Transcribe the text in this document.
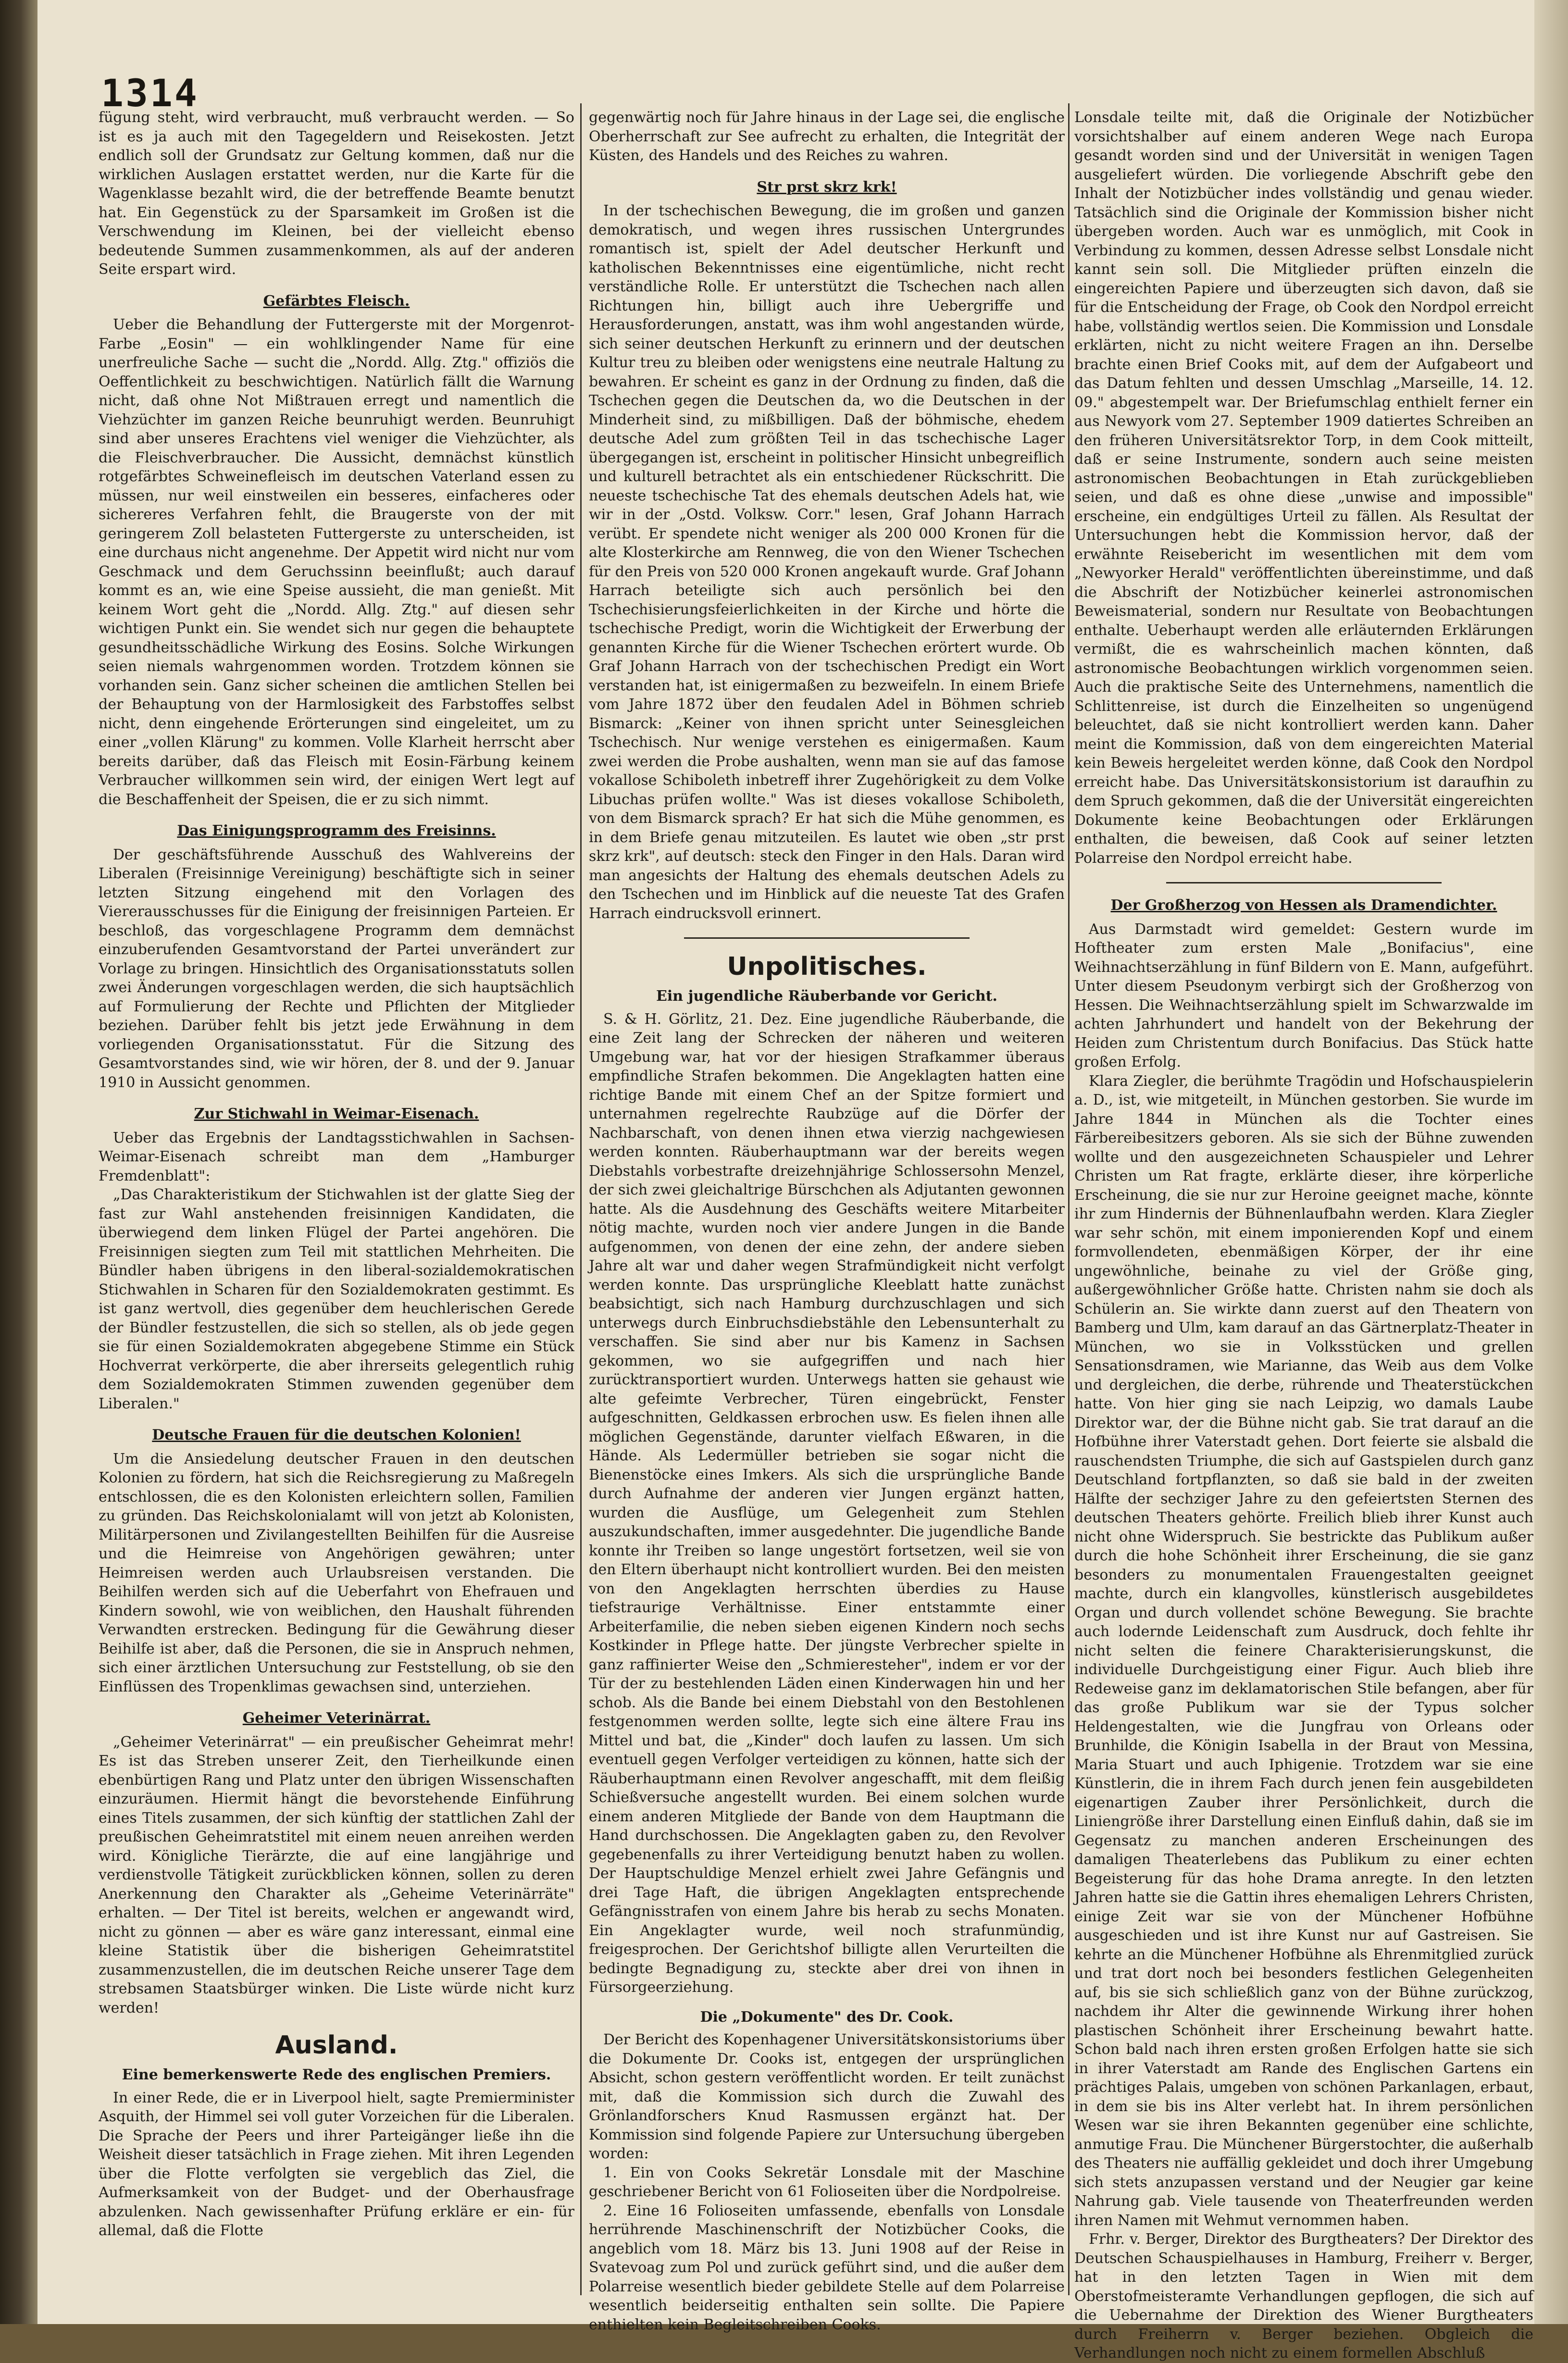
1314

fügung steht, wird verbraucht, muß verbraucht werden. — So ist es ja auch mit den Tagegeldern und Reisekosten. Jetzt endlich soll der Grundsatz zur Geltung kommen, daß nur die wirklichen Auslagen erstattet werden, nur die Karte für die Wagenklasse bezahlt wird, die der betreffende Beamte benutzt hat. Ein Gegenstück zu der Sparsamkeit im Großen ist die Verschwendung im Kleinen, bei der vielleicht ebenso bedeutende Summen zusammenkommen, als auf der anderen Seite erspart wird.

Gefärbtes Fleisch.

Ueber die Behandlung der Futtergerste mit der Morgenrot-Farbe „Eosin" — ein wohlklingender Name für eine unerfreuliche Sache — sucht die „Nordd. Allg. Ztg." offiziös die Oeffentlichkeit zu beschwichtigen. Natürlich fällt die Warnung nicht, daß ohne Not Mißtrauen erregt und namentlich die Viehzüchter im ganzen Reiche beunruhigt werden. Beunruhigt sind aber unseres Erachtens viel weniger die Viehzüchter, als die Fleischverbraucher. Die Aussicht, demnächst künstlich rotgefärbtes Schweinefleisch im deutschen Vaterland essen zu müssen, nur weil einstweilen ein besseres, einfacheres oder sichereres Verfahren fehlt, die Braugerste von der mit geringerem Zoll belasteten Futtergerste zu unterscheiden, ist eine durchaus nicht angenehme. Der Appetit wird nicht nur vom Geschmack und dem Geruchssinn beeinflußt; auch darauf kommt es an, wie eine Speise aussieht, die man genießt. Mit keinem Wort geht die „Nordd. Allg. Ztg." auf diesen sehr wichtigen Punkt ein. Sie wendet sich nur gegen die behauptete gesundheitsschädliche Wirkung des Eosins. Solche Wirkungen seien niemals wahrgenommen worden. Trotzdem können sie vorhanden sein. Ganz sicher scheinen die amtlichen Stellen bei der Behauptung von der Harmlosigkeit des Farbstoffes selbst nicht, denn eingehende Erörterungen sind eingeleitet, um zu einer „vollen Klärung" zu kommen. Volle Klarheit herrscht aber bereits darüber, daß das Fleisch mit Eosin-Färbung keinem Verbraucher willkommen sein wird, der einigen Wert legt auf die Beschaffenheit der Speisen, die er zu sich nimmt.

Das Einigungsprogramm des Freisinns.

Der geschäftsführende Ausschuß des Wahlvereins der Liberalen (Freisinnige Vereinigung) beschäftigte sich in seiner letzten Sitzung eingehend mit den Vorlagen des Viererausschusses für die Einigung der freisinnigen Parteien. Er beschloß, das vorgeschlagene Programm dem demnächst einzuberufenden Gesamtvorstand der Partei unverändert zur Vorlage zu bringen. Hinsichtlich des Organisationsstatuts sollen zwei Änderungen vorgeschlagen werden, die sich hauptsächlich auf Formulierung der Rechte und Pflichten der Mitglieder beziehen. Darüber fehlt bis jetzt jede Erwähnung in dem vorliegenden Organisationsstatut. Für die Sitzung des Gesamtvorstandes sind, wie wir hören, der 8. und der 9. Januar 1910 in Aussicht genommen.

Zur Stichwahl in Weimar-Eisenach.

Ueber das Ergebnis der Landtagsstichwahlen in Sachsen-Weimar-Eisenach schreibt man dem „Hamburger Fremdenblatt":

„Das Charakteristikum der Stichwahlen ist der glatte Sieg der fast zur Wahl anstehenden freisinnigen Kandidaten, die überwiegend dem linken Flügel der Partei angehören. Die Freisinnigen siegten zum Teil mit stattlichen Mehrheiten. Die Bündler haben übrigens in den liberal-sozialdemokratischen Stichwahlen in Scharen für den Sozialdemokraten gestimmt. Es ist ganz wertvoll, dies gegenüber dem heuchlerischen Gerede der Bündler festzustellen, die sich so stellen, als ob jede gegen sie für einen Sozialdemokraten abgegebene Stimme ein Stück Hochverrat verkörperte, die aber ihrerseits gelegentlich ruhig dem Sozialdemokraten Stimmen zuwenden gegenüber dem Liberalen."

Deutsche Frauen für die deutschen Kolonien!

Um die Ansiedelung deutscher Frauen in den deutschen Kolonien zu fördern, hat sich die Reichsregierung zu Maßregeln entschlossen, die es den Kolonisten erleichtern sollen, Familien zu gründen. Das Reichskolonialamt will von jetzt ab Kolonisten, Militärpersonen und Zivilangestellten Beihilfen für die Ausreise und die Heimreise von Angehörigen gewähren; unter Heimreisen werden auch Urlaubsreisen verstanden. Die Beihilfen werden sich auf die Ueberfahrt von Ehefrauen und Kindern sowohl, wie von weiblichen, den Haushalt führenden Verwandten erstrecken. Bedingung für die Gewährung dieser Beihilfe ist aber, daß die Personen, die sie in Anspruch nehmen, sich einer ärztlichen Untersuchung zur Feststellung, ob sie den Einflüssen des Tropenklimas gewachsen sind, unterziehen.

Geheimer Veterinärrat.

„Geheimer Veterinärrat" — ein preußischer Geheimrat mehr! Es ist das Streben unserer Zeit, den Tierheilkunde einen ebenbürtigen Rang und Platz unter den übrigen Wissenschaften einzuräumen. Hiermit hängt die bevorstehende Einführung eines Titels zusammen, der sich künftig der stattlichen Zahl der preußischen Geheimratstitel mit einem neuen anreihen werden wird. Königliche Tierärzte, die auf eine langjährige und verdienstvolle Tätigkeit zurückblicken können, sollen zu deren Anerkennung den Charakter als „Geheime Veterinärräte" erhalten. — Der Titel ist bereits, welchen er angewandt wird, nicht zu gönnen — aber es wäre ganz interessant, einmal eine kleine Statistik über die bisherigen Geheimratstitel zusammenzustellen, die im deutschen Reiche unserer Tage dem strebsamen Staatsbürger winken. Die Liste würde nicht kurz werden!

Ausland.
Eine bemerkenswerte Rede des englischen Premiers.

In einer Rede, die er in Liverpool hielt, sagte Premierminister Asquith, der Himmel sei voll guter Vorzeichen für die Liberalen. Die Sprache der Peers und ihrer Parteigänger ließe ihn die Weisheit dieser tatsächlich in Frage ziehen. Mit ihren Legenden über die Flotte verfolgten sie vergeblich das Ziel, die Aufmerksamkeit von der Budget- und der Oberhausfrage abzulenken. Nach gewissenhafter Prüfung erkläre er ein- für allemal, daß die Flotte

gegenwärtig noch für Jahre hinaus in der Lage sei, die englische Oberherrschaft zur See aufrecht zu erhalten, die Integrität der Küsten, des Handels und des Reiches zu wahren.

Str prst skrz krk!

In der tschechischen Bewegung, die im großen und ganzen demokratisch, und wegen ihres russischen Untergrundes romantisch ist, spielt der Adel deutscher Herkunft und katholischen Bekenntnisses eine eigentümliche, nicht recht verständliche Rolle. Er unterstützt die Tschechen nach allen Richtungen hin, billigt auch ihre Uebergriffe und Herausforderungen, anstatt, was ihm wohl angestanden würde, sich seiner deutschen Herkunft zu erinnern und der deutschen Kultur treu zu bleiben oder wenigstens eine neutrale Haltung zu bewahren. Er scheint es ganz in der Ordnung zu finden, daß die Tschechen gegen die Deutschen da, wo die Deutschen in der Minderheit sind, zu mißbilligen. Daß der böhmische, ehedem deutsche Adel zum größten Teil in das tschechische Lager übergegangen ist, erscheint in politischer Hinsicht unbegreiflich und kulturell betrachtet als ein entschiedener Rückschritt. Die neueste tschechische Tat des ehemals deutschen Adels hat, wie wir in der „Ostd. Volksw. Corr." lesen, Graf Johann Harrach verübt. Er spendete nicht weniger als 200 000 Kronen für die alte Klosterkirche am Rennweg, die von den Wiener Tschechen für den Preis von 520 000 Kronen angekauft wurde. Graf Johann Harrach beteiligte sich auch persönlich bei den Tschechisierungsfeierlichkeiten in der Kirche und hörte die tschechische Predigt, worin die Wichtigkeit der Erwerbung der genannten Kirche für die Wiener Tschechen erörtert wurde. Ob Graf Johann Harrach von der tschechischen Predigt ein Wort verstanden hat, ist einigermaßen zu bezweifeln. In einem Briefe vom Jahre 1872 über den feudalen Adel in Böhmen schrieb Bismarck: „Keiner von ihnen spricht unter Seinesgleichen Tschechisch. Nur wenige verstehen es einigermaßen. Kaum zwei werden die Probe aushalten, wenn man sie auf das famose vokallose Schiboleth inbetreff ihrer Zugehörigkeit zu dem Volke Libuchas prüfen wollte." Was ist dieses vokallose Schiboleth, von dem Bismarck sprach? Er hat sich die Mühe genommen, es in dem Briefe genau mitzuteilen. Es lautet wie oben „str prst skrz krk", auf deutsch: steck den Finger in den Hals. Daran wird man angesichts der Haltung des ehemals deutschen Adels zu den Tschechen und im Hinblick auf die neueste Tat des Grafen Harrach eindrucksvoll erinnert.

Unpolitisches.
Ein jugendliche Räuberbande vor Gericht.

S. & H. Görlitz, 21. Dez. Eine jugendliche Räuberbande, die eine Zeit lang der Schrecken der näheren und weiteren Umgebung war, hat vor der hiesigen Strafkammer überaus empfindliche Strafen bekommen. Die Angeklagten hatten eine richtige Bande mit einem Chef an der Spitze formiert und unternahmen regelrechte Raubzüge auf die Dörfer der Nachbarschaft, von denen ihnen etwa vierzig nachgewiesen werden konnten. Räuberhauptmann war der bereits wegen Diebstahls vorbestrafte dreizehnjährige Schlossersohn Menzel, der sich zwei gleichaltrige Bürschchen als Adjutanten gewonnen hatte. Als die Ausdehnung des Geschäfts weitere Mitarbeiter nötig machte, wurden noch vier andere Jungen in die Bande aufgenommen, von denen der eine zehn, der andere sieben Jahre alt war und daher wegen Strafmündigkeit nicht verfolgt werden konnte. Das ursprüngliche Kleeblatt hatte zunächst beabsichtigt, sich nach Hamburg durchzuschlagen und sich unterwegs durch Einbruchsdiebstähle den Lebensunterhalt zu verschaffen. Sie sind aber nur bis Kamenz in Sachsen gekommen, wo sie aufgegriffen und nach hier zurücktransportiert wurden. Unterwegs hatten sie gehaust wie alte gefeimte Verbrecher, Türen eingebrückt, Fenster aufgeschnitten, Geldkassen erbrochen usw. Es fielen ihnen alle möglichen Gegenstände, darunter vielfach Eßwaren, in die Hände. Als Ledermüller betrieben sie sogar nicht die Bienenstöcke eines Imkers. Als sich die ursprüngliche Bande durch Aufnahme der anderen vier Jungen ergänzt hatten, wurden die Ausflüge, um Gelegenheit zum Stehlen auszukundschaften, immer ausgedehnter. Die jugendliche Bande konnte ihr Treiben so lange ungestört fortsetzen, weil sie von den Eltern überhaupt nicht kontrolliert wurden. Bei den meisten von den Angeklagten herrschten überdies zu Hause tiefstraurige Verhältnisse. Einer entstammte einer Arbeiterfamilie, die neben sieben eigenen Kindern noch sechs Kostkinder in Pflege hatte. Der jüngste Verbrecher spielte in ganz raffinierter Weise den „Schmieresteher", indem er vor der Tür der zu bestehlenden Läden einen Kinderwagen hin und her schob. Als die Bande bei einem Diebstahl von den Bestohlenen festgenommen werden sollte, legte sich eine ältere Frau ins Mittel und bat, die „Kinder" doch laufen zu lassen. Um sich eventuell gegen Verfolger verteidigen zu können, hatte sich der Räuberhauptmann einen Revolver angeschafft, mit dem fleißig Schießversuche angestellt wurden. Bei einem solchen wurde einem anderen Mitgliede der Bande von dem Hauptmann die Hand durchschossen. Die Angeklagten gaben zu, den Revolver gegebenenfalls zu ihrer Verteidigung benutzt haben zu wollen. Der Hauptschuldige Menzel erhielt zwei Jahre Gefängnis und drei Tage Haft, die übrigen Angeklagten entsprechende Gefängnisstrafen von einem Jahre bis herab zu sechs Monaten. Ein Angeklagter wurde, weil noch strafunmündig, freigesprochen. Der Gerichtshof billigte allen Verurteilten die bedingte Begnadigung zu, steckte aber drei von ihnen in Fürsorgeerziehung.

Die „Dokumente" des Dr. Cook.

Der Bericht des Kopenhagener Universitätskonsistoriums über die Dokumente Dr. Cooks ist, entgegen der ursprünglichen Absicht, schon gestern veröffentlicht worden. Er teilt zunächst mit, daß die Kommission sich durch die Zuwahl des Grönlandforschers Knud Rasmussen ergänzt hat. Der Kommission sind folgende Papiere zur Untersuchung übergeben worden:

1. Ein von Cooks Sekretär Lonsdale mit der Maschine geschriebener Bericht von 61 Folioseiten über die Nordpolreise.

2. Eine 16 Folioseiten umfassende, ebenfalls von Lonsdale herrührende Maschinenschrift der Notizbücher Cooks, die angeblich vom 18. März bis 13. Juni 1908 auf der Reise in Svatevoag zum Pol und zurück geführt sind, und die außer dem Polarreise wesentlich bieder gebildete Stelle auf dem Polarreise wesentlich beiderseitig enthalten sein sollte. Die Papiere enthielten kein Begleitschreiben Cooks.

Lonsdale teilte mit, daß die Originale der Notizbücher vorsichtshalber auf einem anderen Wege nach Europa gesandt worden sind und der Universität in wenigen Tagen ausgeliefert würden. Die vorliegende Abschrift gebe den Inhalt der Notizbücher indes vollständig und genau wieder. Tatsächlich sind die Originale der Kommission bisher nicht übergeben worden. Auch war es unmöglich, mit Cook in Verbindung zu kommen, dessen Adresse selbst Lonsdale nicht kannt sein soll. Die Mitglieder prüften einzeln die eingereichten Papiere und überzeugten sich davon, daß sie für die Entscheidung der Frage, ob Cook den Nordpol erreicht habe, vollständig wertlos seien. Die Kommission und Lonsdale erklärten, nicht zu nicht weitere Fragen an ihn. Derselbe brachte einen Brief Cooks mit, auf dem der Aufgabeort und das Datum fehlten und dessen Umschlag „Marseille, 14. 12. 09." abgestempelt war. Der Briefumschlag enthielt ferner ein aus Newyork vom 27. September 1909 datiertes Schreiben an den früheren Universitätsrektor Torp, in dem Cook mitteilt, daß er seine Instrumente, sondern auch seine meisten astronomischen Beobachtungen in Etah zurückgeblieben seien, und daß es ohne diese „unwise and impossible" erscheine, ein endgültiges Urteil zu fällen. Als Resultat der Untersuchungen hebt die Kommission hervor, daß der erwähnte Reisebericht im wesentlichen mit dem vom „Newyorker Herald" veröffentlichten übereinstimme, und daß die Abschrift der Notizbücher keinerlei astronomischen Beweismaterial, sondern nur Resultate von Beobachtungen enthalte. Ueberhaupt werden alle erläuternden Erklärungen vermißt, die es wahrscheinlich machen könnten, daß astronomische Beobachtungen wirklich vorgenommen seien. Auch die praktische Seite des Unternehmens, namentlich die Schlittenreise, ist durch die Einzelheiten so ungenügend beleuchtet, daß sie nicht kontrolliert werden kann. Daher meint die Kommission, daß von dem eingereichten Material kein Beweis hergeleitet werden könne, daß Cook den Nordpol erreicht habe. Das Universitätskonsistorium ist daraufhin zu dem Spruch gekommen, daß die der Universität eingereichten Dokumente keine Beobachtungen oder Erklärungen enthalten, die beweisen, daß Cook auf seiner letzten Polarreise den Nordpol erreicht habe.

Der Großherzog von Hessen als Dramendichter.

Aus Darmstadt wird gemeldet: Gestern wurde im Hoftheater zum ersten Male „Bonifacius", eine Weihnachtserzählung in fünf Bildern von E. Mann, aufgeführt. Unter diesem Pseudonym verbirgt sich der Großherzog von Hessen. Die Weihnachtserzählung spielt im Schwarzwalde im achten Jahrhundert und handelt von der Bekehrung der Heiden zum Christentum durch Bonifacius. Das Stück hatte großen Erfolg.

Klara Ziegler, die berühmte Tragödin und Hofschauspielerin a. D., ist, wie mitgeteilt, in München gestorben. Sie wurde im Jahre 1844 in München als die Tochter eines Färbereibesitzers geboren. Als sie sich der Bühne zuwenden wollte und den ausgezeichneten Schauspieler und Lehrer Christen um Rat fragte, erklärte dieser, ihre körperliche Erscheinung, die sie nur zur Heroine geeignet mache, könnte ihr zum Hindernis der Bühnenlaufbahn werden. Klara Ziegler war sehr schön, mit einem imponierenden Kopf und einem formvollendeten, ebenmäßigen Körper, der ihr eine ungewöhnliche, beinahe zu viel der Größe ging, außergewöhnlicher Größe hatte. Christen nahm sie doch als Schülerin an. Sie wirkte dann zuerst auf den Theatern von Bamberg und Ulm, kam darauf an das Gärtnerplatz-Theater in München, wo sie in Volksstücken und grellen Sensationsdramen, wie Marianne, das Weib aus dem Volke und dergleichen, die derbe, rührende und Theaterstückchen hatte. Von hier ging sie nach Leipzig, wo damals Laube Direktor war, der die Bühne nicht gab. Sie trat darauf an die Hofbühne ihrer Vaterstadt gehen. Dort feierte sie alsbald die rauschendsten Triumphe, die sich auf Gastspielen durch ganz Deutschland fortpflanzten, so daß sie bald in der zweiten Hälfte der sechziger Jahre zu den gefeiertsten Sternen des deutschen Theaters gehörte. Freilich blieb ihrer Kunst auch nicht ohne Widerspruch. Sie bestrickte das Publikum außer durch die hohe Schönheit ihrer Erscheinung, die sie ganz besonders zu monumentalen Frauengestalten geeignet machte, durch ein klangvolles, künstlerisch ausgebildetes Organ und durch vollendet schöne Bewegung. Sie brachte auch lodernde Leidenschaft zum Ausdruck, doch fehlte ihr nicht selten die feinere Charakterisierungskunst, die individuelle Durchgeistigung einer Figur. Auch blieb ihre Redeweise ganz im deklamatorischen Stile befangen, aber für das große Publikum war sie der Typus solcher Heldengestalten, wie die Jungfrau von Orleans oder Brunhilde, die Königin Isabella in der Braut von Messina, Maria Stuart und auch Iphigenie. Trotzdem war sie eine Künstlerin, die in ihrem Fach durch jenen fein ausgebildeten eigenartigen Zauber ihrer Persönlichkeit, durch die Liniengröße ihrer Darstellung einen Einfluß dahin, daß sie im Gegensatz zu manchen anderen Erscheinungen des damaligen Theaterlebens das Publikum zu einer echten Begeisterung für das hohe Drama anregte. In den letzten Jahren hatte sie die Gattin ihres ehemaligen Lehrers Christen, einige Zeit war sie von der Münchener Hofbühne ausgeschieden und ist ihre Kunst nur auf Gastreisen. Sie kehrte an die Münchener Hofbühne als Ehrenmitglied zurück und trat dort noch bei besonders festlichen Gelegenheiten auf, bis sie sich schließlich ganz von der Bühne zurückzog, nachdem ihr Alter die gewinnende Wirkung ihrer hohen plastischen Schönheit ihrer Erscheinung bewahrt hatte. Schon bald nach ihren ersten großen Erfolgen hatte sie sich in ihrer Vaterstadt am Rande des Englischen Gartens ein prächtiges Palais, umgeben von schönen Parkanlagen, erbaut, in dem sie bis ins Alter verlebt hat. In ihrem persönlichen Wesen war sie ihren Bekannten gegenüber eine schlichte, anmutige Frau. Die Münchener Bürgerstochter, die außerhalb des Theaters nie auffällig gekleidet und doch ihrer Umgebung sich stets anzupassen verstand und der Neugier gar keine Nahrung gab. Viele tausende von Theaterfreunden werden ihren Namen mit Wehmut vernommen haben.

Frhr. v. Berger, Direktor des Burgtheaters? Der Direktor des Deutschen Schauspielhauses in Hamburg, Freiherr v. Berger, hat in den letzten Tagen in Wien mit dem Oberstofmeisteramte Verhandlungen gepflogen, die sich auf die Uebernahme der Direktion des Wiener Burgtheaters durch Freiherrn v. Berger beziehen. Obgleich die Verhandlungen noch nicht zu einem formellen Abschluß
